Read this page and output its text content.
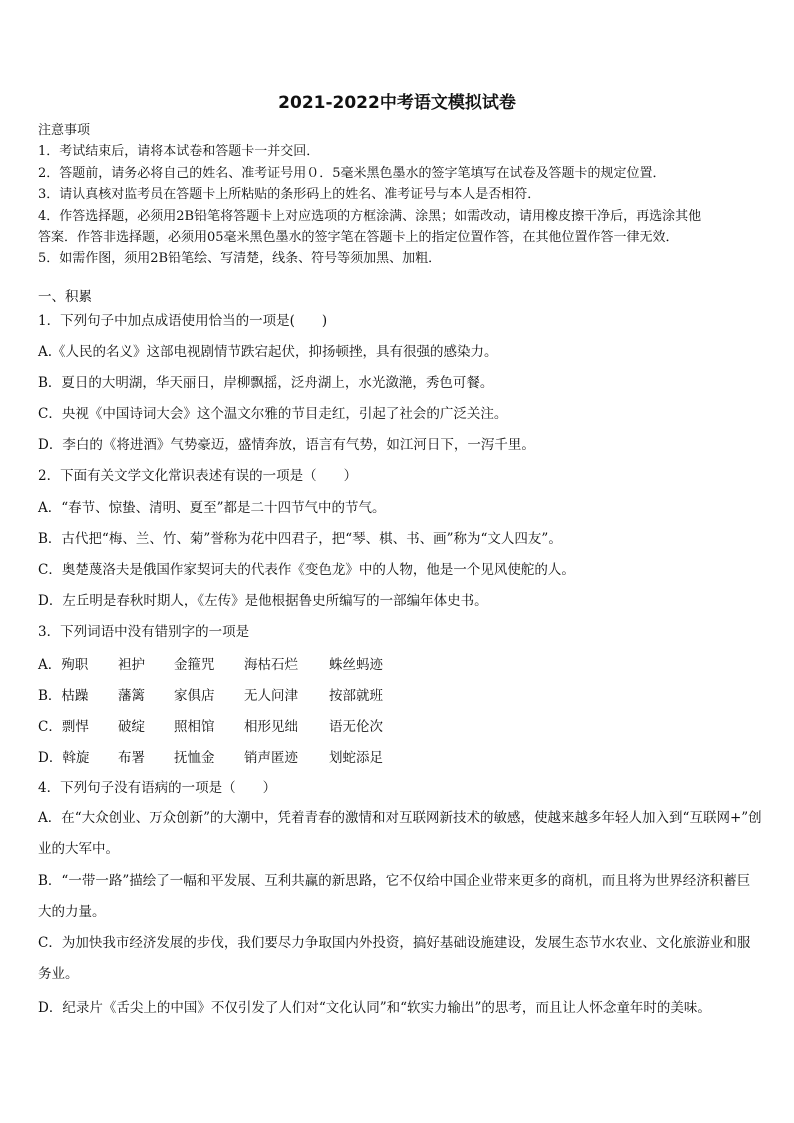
2021-2022中考语文模拟试卷
注意事项
1．考试结束后，请将本试卷和答题卡一并交回．
2．答题前，请务必将自己的姓名、准考证号用０．5毫米黑色墨水的签字笔填写在试卷及答题卡的规定位置．
3．请认真核对监考员在答题卡上所粘贴的条形码上的姓名、准考证号与本人是否相符．
4．作答选择题，必须用2B铅笔将答题卡上对应选项的方框涂满、涂黑；如需改动，请用橡皮擦干净后，再选涂其他
答案．作答非选择题，必须用05毫米黑色墨水的签字笔在答题卡上的指定位置作答，在其他位置作答一律无效．
5．如需作图，须用2B铅笔绘、写清楚，线条、符号等须加黑、加粗．
一、积累
1．下列句子中加点成语使用恰当的一项是(　　)
A.《人民的名义》这部电视剧情节跌宕起伏，抑扬顿挫，具有很强的感染力。
B．夏日的大明湖，华天丽日，岸柳飘摇，泛舟湖上，水光潋滟，秀色可餐。
C．央视《中国诗词大会》这个温文尔雅的节目走红，引起了社会的广泛关注。
D．李白的《将进酒》气势豪迈，盛情奔放，语言有气势，如江河日下，一泻千里。
2．下面有关文学文化常识表述有误的一项是（　　）
A．“春节、惊蛰、清明、夏至”都是二十四节气中的节气。
B．古代把“梅、兰、竹、菊”誉称为花中四君子，把“琴、棋、书、画”称为“文人四友”。
C．奥楚蔑洛夫是俄国作家契诃夫的代表作《变色龙》中的人物，他是一个见风使舵的人。
D．左丘明是春秋时期人，《左传》是他根据鲁史所编写的一部编年体史书。
3．下列词语中没有错别字的一项是
A．殉职 袒护 金箍咒 海枯石烂 蛛丝蚂迹
B．枯躁 藩篱 家俱店 无人问津 按部就班
C．剽悍 破绽 照相馆 相形见绌 语无伦次
D．斡旋 布署 抚恤金 销声匿迹 划蛇添足
4．下列句子没有语病的一项是（　　）
A．在“大众创业、万众创新”的大潮中，凭着青春的激情和对互联网新技术的敏感，使越来越多年轻人加入到“互联网+”创业的大军中。
B．“一带一路”描绘了一幅和平发展、互利共赢的新思路，它不仅给中国企业带来更多的商机，而且将为世界经济积蓄巨大的力量。
C．为加快我市经济发展的步伐，我们要尽力争取国内外投资，搞好基础设施建设，发展生态节水农业、文化旅游业和服务业。
D．纪录片《舌尖上的中国》不仅引发了人们对“文化认同”和“软实力输出”的思考，而且让人怀念童年时的美味。
